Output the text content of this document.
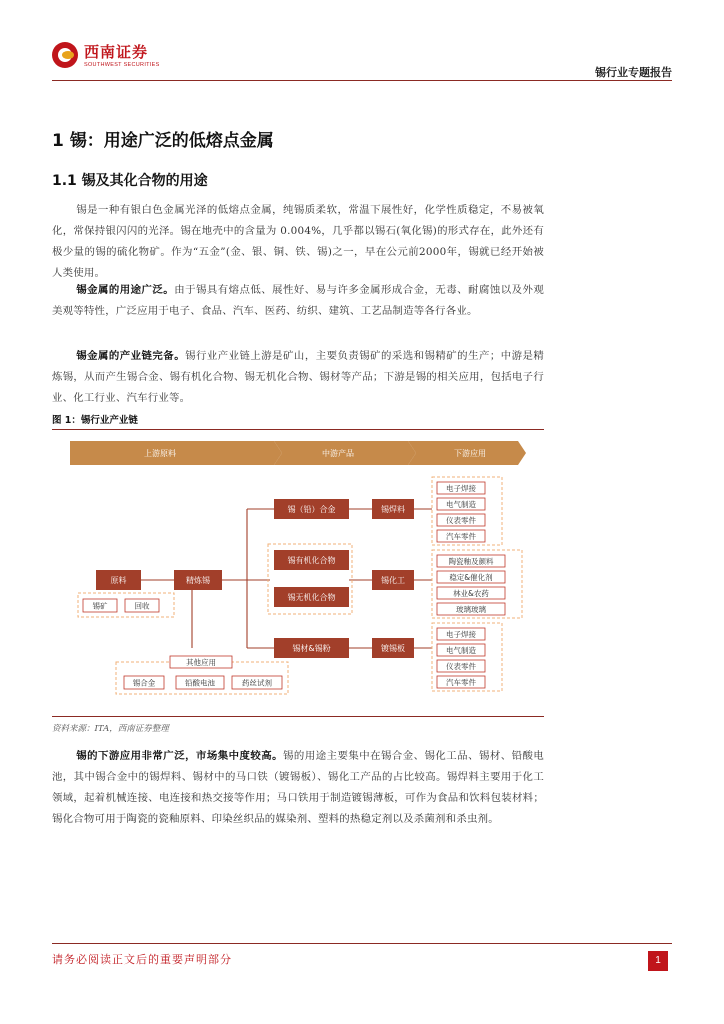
西南证券
SOUTHWEST SECURITIES
锡行业专题报告
1 锡：用途广泛的低熔点金属
1.1 锡及其化合物的用途
锡是一种有银白色金属光泽的低熔点金属，纯锡质柔软，常温下展性好，化学性质稳定，不易被氧化，常保持银闪闪的光泽。锡在地壳中的含量为 0.004%，几乎都以锡石(氧化锡)的形式存在，此外还有极少量的锡的硫化物矿。作为“五金”(金、银、铜、铁、锡)之一，早在公元前2000年，锡就已经开始被人类使用。
锡金属的用途广泛。由于锡具有熔点低、展性好、易与许多金属形成合金，无毒、耐腐蚀以及外观美观等特性，广泛应用于电子、食品、汽车、医药、纺织、建筑、工艺品制造等各行各业。
锡金属的产业链完备。锡行业产业链上游是矿山，主要负责锡矿的采选和锡精矿的生产；中游是精炼锡，从而产生锡合金、锡有机化合物、锡无机化合物、锡材等产品；下游是锡的相关应用，包括电子行业、化工行业、汽车行业等。
图 1：锡行业产业链
上游原料	中游产品	下游应用
原料
锡矿	回收
精炼锡
其他应用
锡合金	铅酸电池	药丝试剂
锡（铅）合金
锡有机化合物
锡无机化合物
锡材&锡粉
锡焊料
锡化工
镀锡板
电子焊接
电气制造
仪表零件
汽车零件
陶瓷釉及颜料
稳定&催化剂
林业&农药
玻璃玻璃
电子焊接
电气制造
仪表零件
汽车零件
资料来源：ITA，西南证券整理
锡的下游应用非常广泛，市场集中度较高。锡的用途主要集中在锡合金、锡化工品、锡材、铅酸电池，其中锡合金中的锡焊料、锡材中的马口铁（镀锡板）、锡化工产品的占比较高。锡焊料主要用于化工领域，起着机械连接、电连接和热交接等作用；马口铁用于制造镀锡薄板，可作为食品和饮料包装材料；锡化合物可用于陶瓷的瓷釉原料、印染丝织品的媒染剂、塑料的热稳定剂以及杀菌剂和杀虫剂。
请务必阅读正文后的重要声明部分	1
